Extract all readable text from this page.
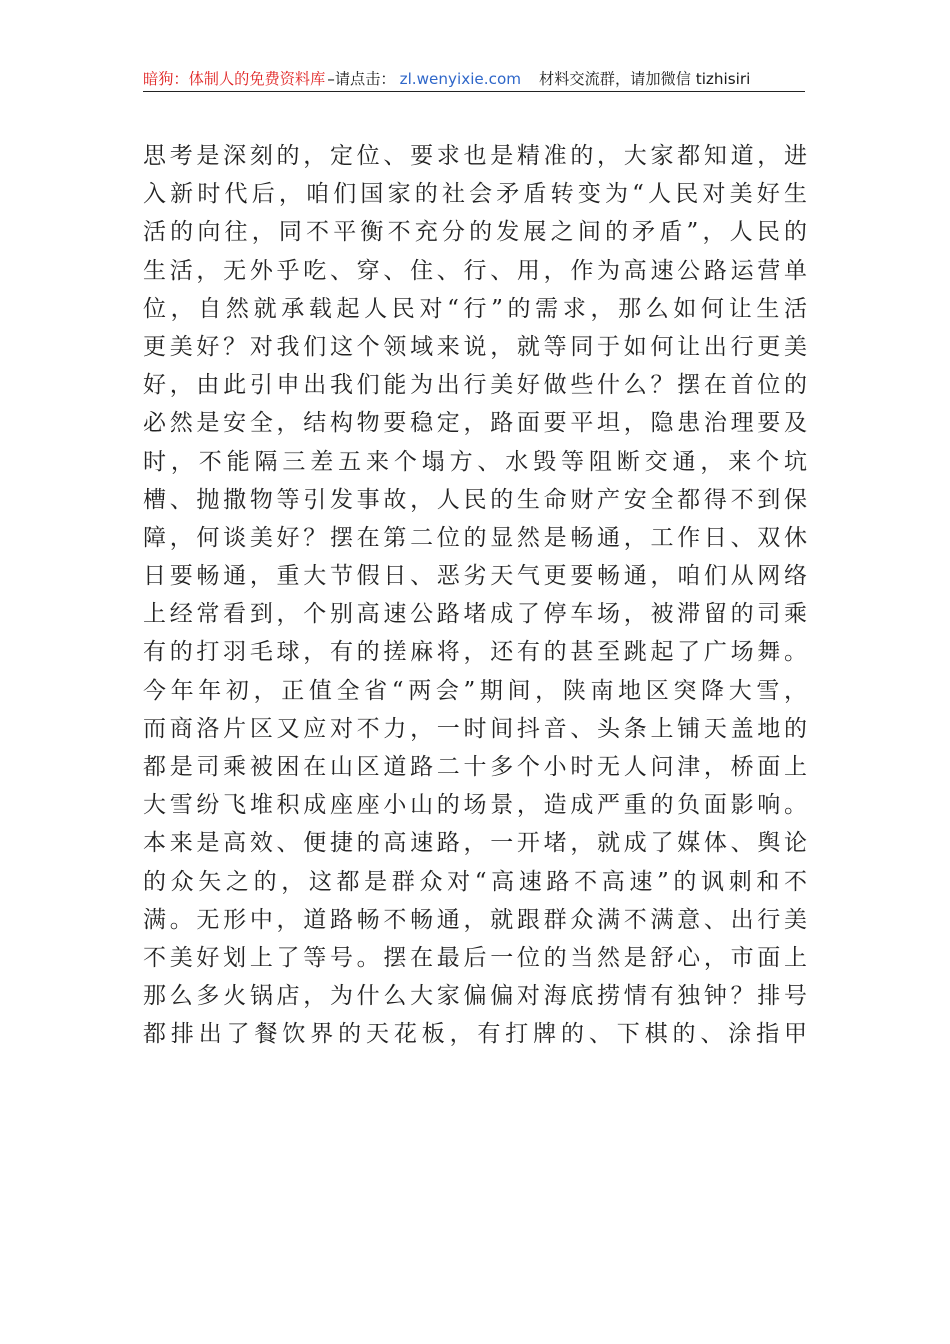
暗狗：体制人的免费资料库 –请点击： zl.wenyixie.com 材料交流群，请加微信 tizhisiri
思考是深刻的，定位、要求也是精准的，大家都知道，进
入新时代后，咱们国家的社会矛盾转变为“人民对美好生
活的向往，同不平衡不充分的发展之间的矛盾”，人民的
生活，无外乎吃、穿、住、行、用，作为高速公路运营单
位，自然就承载起人民对“行”的需求，那么如何让生活
更美好？对我们这个领域来说，就等同于如何让出行更美
好，由此引申出我们能为出行美好做些什么？摆在首位的
必然是安全，结构物要稳定，路面要平坦，隐患治理要及
时，不能隔三差五来个塌方、水毁等阻断交通，来个坑
槽、抛撒物等引发事故，人民的生命财产安全都得不到保
障，何谈美好？摆在第二位的显然是畅通，工作日、双休
日要畅通，重大节假日、恶劣天气更要畅通，咱们从网络
上经常看到，个别高速公路堵成了停车场，被滞留的司乘
有的打羽毛球，有的搓麻将，还有的甚至跳起了广场舞。
今年年初，正值全省“两会”期间，陕南地区突降大雪，
而商洛片区又应对不力，一时间抖音、头条上铺天盖地的
都是司乘被困在山区道路二十多个小时无人问津，桥面上
大雪纷飞堆积成座座小山的场景，造成严重的负面影响。
本来是高效、便捷的高速路，一开堵，就成了媒体、舆论
的众矢之的，这都是群众对“高速路不高速”的讽刺和不
满。无形中，道路畅不畅通，就跟群众满不满意、出行美
不美好划上了等号。摆在最后一位的当然是舒心，市面上
那么多火锅店，为什么大家偏偏对海底捞情有独钟？排号
都排出了餐饮界的天花板，有打牌的、下棋的、涂指甲
